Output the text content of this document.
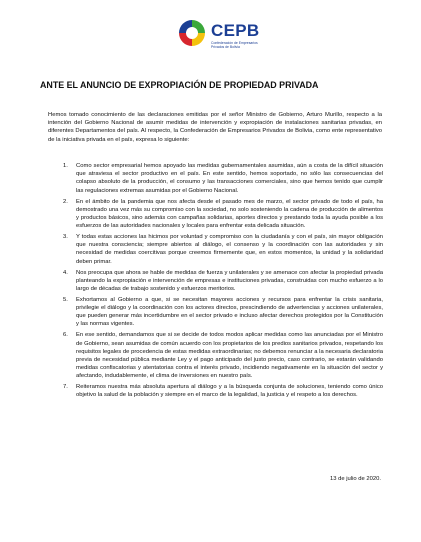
CEPB
Confederación de Empresarios
Privados de Bolivia
ANTE EL ANUNCIO DE EXPROPIACIÓN DE PROPIEDAD PRIVADA
Hemos tomado conocimiento de las declaraciones emitidas por el señor Ministro de Gobierno, Arturo Murillo, respecto a la intención del Gobierno Nacional de asumir medidas de intervención y expropiación de instalaciones sanitarias privadas, en diferentes Departamentos del país. Al respecto, la Confederación de Empresarios Privados de Bolivia, como ente representativo de la iniciativa privada en el país, expresa lo siguiente:
1. Como sector empresarial hemos apoyado las medidas gubernamentales asumidas, aún a costa de la difícil situación que atraviesa el sector productivo en el país. En este sentido, hemos soportado, no sólo las consecuencias del colapso absoluto de la producción, el consumo y las transacciones comerciales, sino que hemos tenido que cumplir las regulaciones extremas asumidas por el Gobierno Nacional.
2. En el ámbito de la pandemia que nos afecta desde el pasado mes de marzo, el sector privado de todo el país, ha demostrado una vez más su compromiso con la sociedad, no solo sosteniendo la cadena de producción de alimentos y productos básicos, sino además con campañas solidarias, aportes directos y prestando toda la ayuda posible a los esfuerzos de las autoridades nacionales y locales para enfrentar esta delicada situación.
3. Y todas estas acciones las hicimos por voluntad y compromiso con la ciudadanía y con el país, sin mayor obligación que nuestra consciencia; siempre abiertos al diálogo, el consenso y la coordinación con las autoridades y sin necesidad de medidas coercitivas porque creemos firmemente que, en estos momentos, la unidad y la solidaridad deben primar.
4. Nos preocupa que ahora se hable de medidas de fuerza y unilaterales y se amenace con afectar la propiedad privada planteando la expropiación e intervención de empresas e instituciones privadas, construidas con mucho esfuerzo a lo largo de décadas de trabajo sostenido y esfuerzos meritorios.
5. Exhortamos al Gobierno a que, si se necesitan mayores acciones y recursos para enfrentar la crisis sanitaria, privilegie el diálogo y la coordinación con los actores directos, prescindiendo de advertencias y acciones unilaterales, que pueden generar más incertidumbre en el sector privado e incluso afectar derechos protegidos por la Constitución y las normas vigentes.
6. En ese sentido, demandamos que si se decide de todos modos aplicar medidas como las anunciadas por el Ministro de Gobierno, sean asumidas de común acuerdo con los propietarios de los predios sanitarios privados, respetando los requisitos legales de procedencia de estas medidas extraordinarias; no debemos renunciar a la necesaria declaratoria previa de necesidad pública mediante Ley y el pago anticipado del justo precio, caso contrario, se estarán validando medidas confiscatorias y atentatorias contra el interés privado, incidiendo negativamente en la situación del sector y afectando, indudablemente, el clima de inversiones en nuestro país.
7. Reiteramos nuestra más absoluta apertura al diálogo y a la búsqueda conjunta de soluciones, teniendo como único objetivo la salud de la población y siempre en el marco de la legalidad, la justicia y el respeto a los derechos.
13 de julio de 2020.
